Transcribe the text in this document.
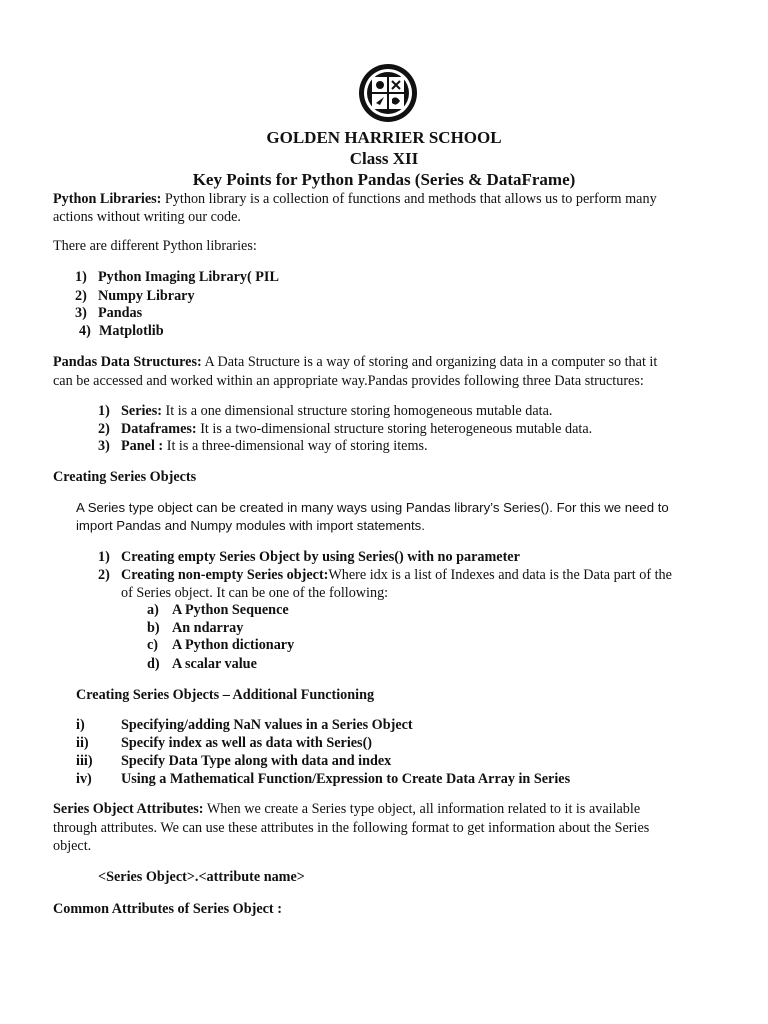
GOLDEN HARRIER SCHOOL
Class XII
Key Points for Python Pandas (Series & DataFrame)
Python Libraries: Python library is a collection of functions and methods that allows us to perform many
actions without writing our code.
There are different Python libraries:
1) Python Imaging Library( PIL
2) Numpy Library
3) Pandas
4) Matplotlib
Pandas Data Structures: A Data Structure is a way of storing and organizing data in a computer so that it
can be accessed and worked within an appropriate way.Pandas provides following three Data structures:
1) Series: It is a one dimensional structure storing homogeneous mutable data.
2) Dataframes: It is a two-dimensional structure storing heterogeneous mutable data.
3) Panel : It is a three-dimensional way of storing items.
Creating Series Objects
A Series type object can be created in many ways using Pandas library’s Series(). For this we need to
import Pandas and Numpy modules with import statements.
1) Creating empty Series Object by using Series() with no parameter
2) Creating non-empty Series object:Where idx is a list of Indexes and data is the Data part of the
of Series object. It can be one of the following:
a) A Python Sequence
b) An ndarray
c) A Python dictionary
d) A scalar value
Creating Series Objects – Additional Functioning
i)	Specifying/adding NaN values in a Series Object
ii) Specify index as well as data with Series()
iii) Specify Data Type along with data and index
iv) Using a Mathematical Function/Expression to Create Data Array in Series
Series Object Attributes: When we create a Series type object, all information related to it is available
through attributes. We can use these attributes in the following format to get information about the Series
object.
<Series Object>.<attribute name>
Common Attributes of Series Object :
